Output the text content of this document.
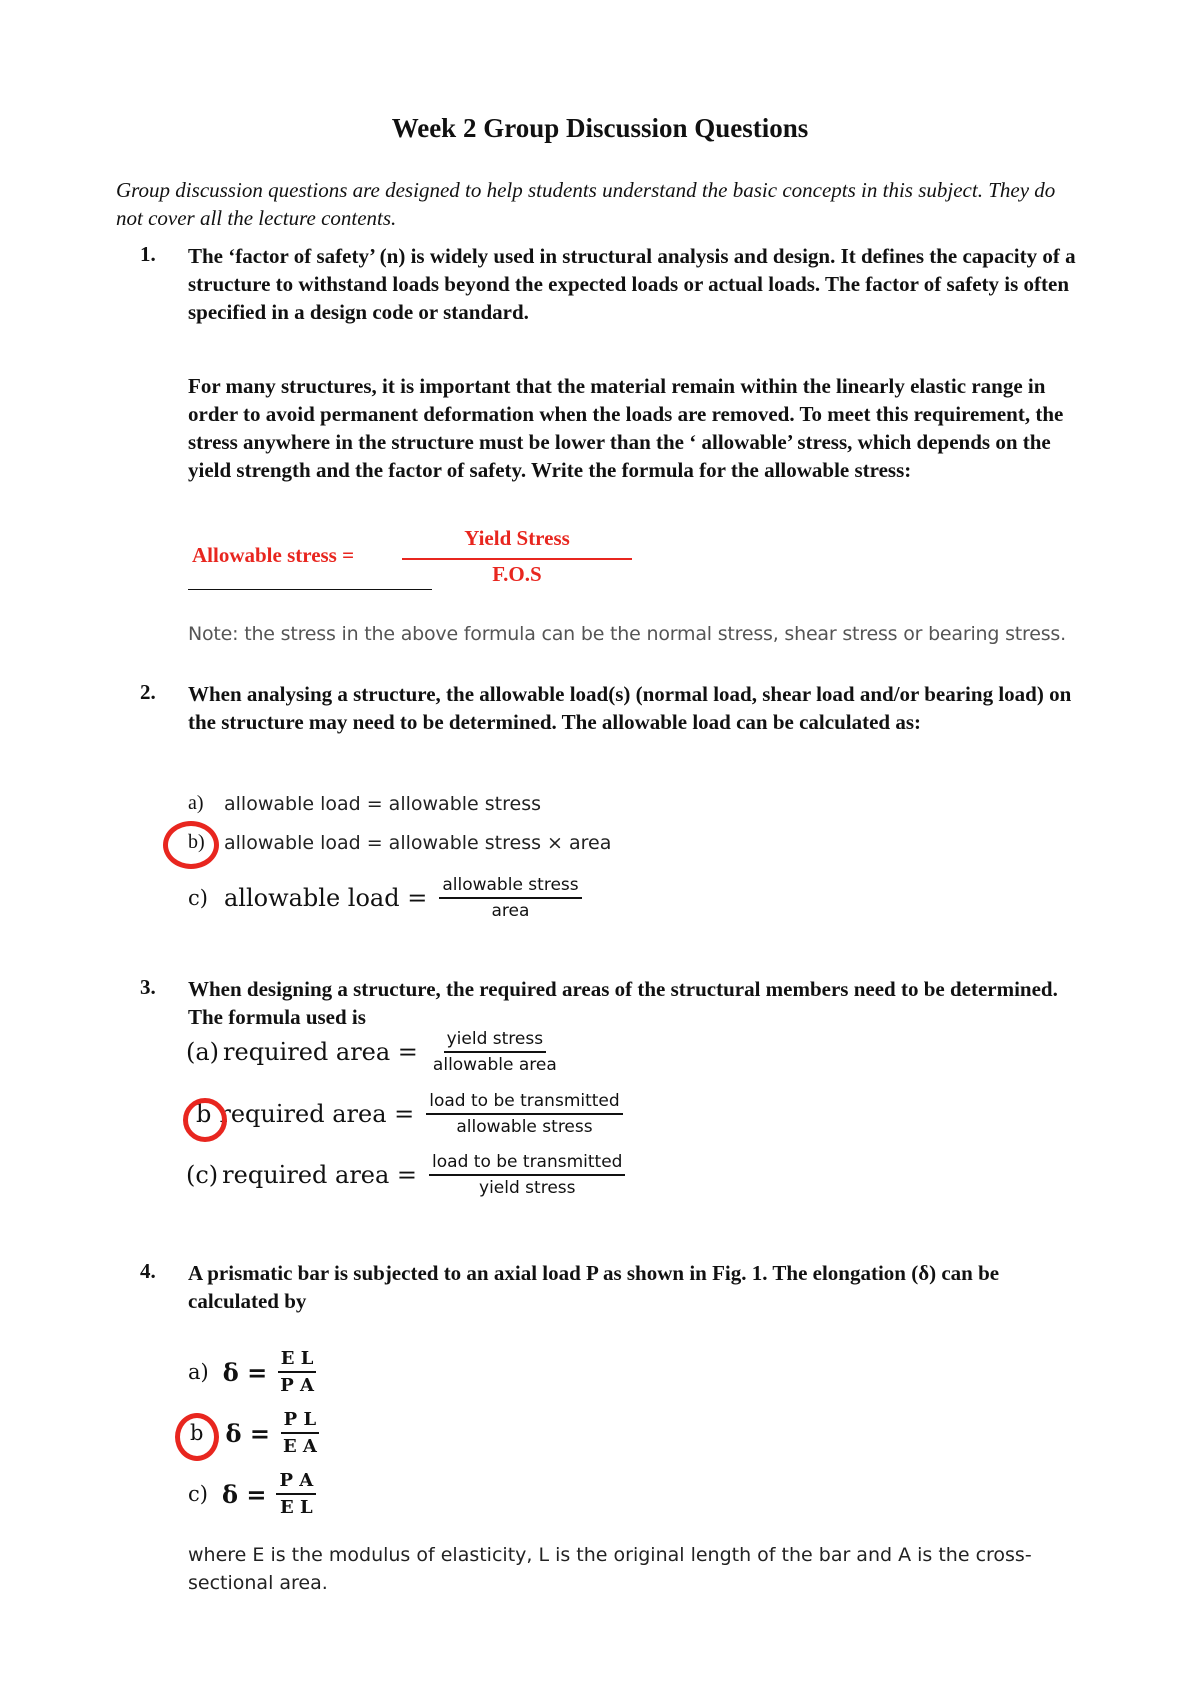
Week 2 Group Discussion Questions
Group discussion questions are designed to help students understand the basic concepts in this subject. They do not cover all the lecture contents.
1. The ‘factor of safety’ (n) is widely used in structural analysis and design. It defines the capacity of a structure to withstand loads beyond the expected loads or actual loads. The factor of safety is often specified in a design code or standard.
For many structures, it is important that the material remain within the linearly elastic range in order to avoid permanent deformation when the loads are removed. To meet this requirement, the stress anywhere in the structure must be lower than the ‘ allowable’ stress, which depends on the yield strength and the factor of safety. Write the formula for the allowable stress:
Allowable stress =
Yield Stress
F.O.S
Note: the stress in the above formula can be the normal stress, shear stress or bearing stress.
2. When analysing a structure, the allowable load(s) (normal load, shear load and/or bearing load) on the structure may need to be determined. The allowable load can be calculated as:
a) allowable load = allowable stress
b) allowable load = allowable stress × area
c) allowable load = $\frac{\text{allowable stress}}{\text{area}}$
3. When designing a structure, the required areas of the structural members need to be determined. The formula used is
(a) required area = $\frac{\text{yield stress}}{\text{allowable area}}$
b required area = $\frac{\text{load to be transmitted}}{\text{allowable stress}}$
(c) required area = $\frac{\text{load to be transmitted}}{\text{yield stress}}$
4. A prismatic bar is subjected to an axial load P as shown in Fig. 1. The elongation (δ) can be calculated by
a) $\delta = \frac{\text{E L}}{\text{P A}}$
b $\delta = \frac{\text{P L}}{\text{E A}}$
c) $\delta = \frac{\text{P A}}{\text{E L}}$
where E is the modulus of elasticity, L is the original length of the bar and A is the cross-sectional area.
